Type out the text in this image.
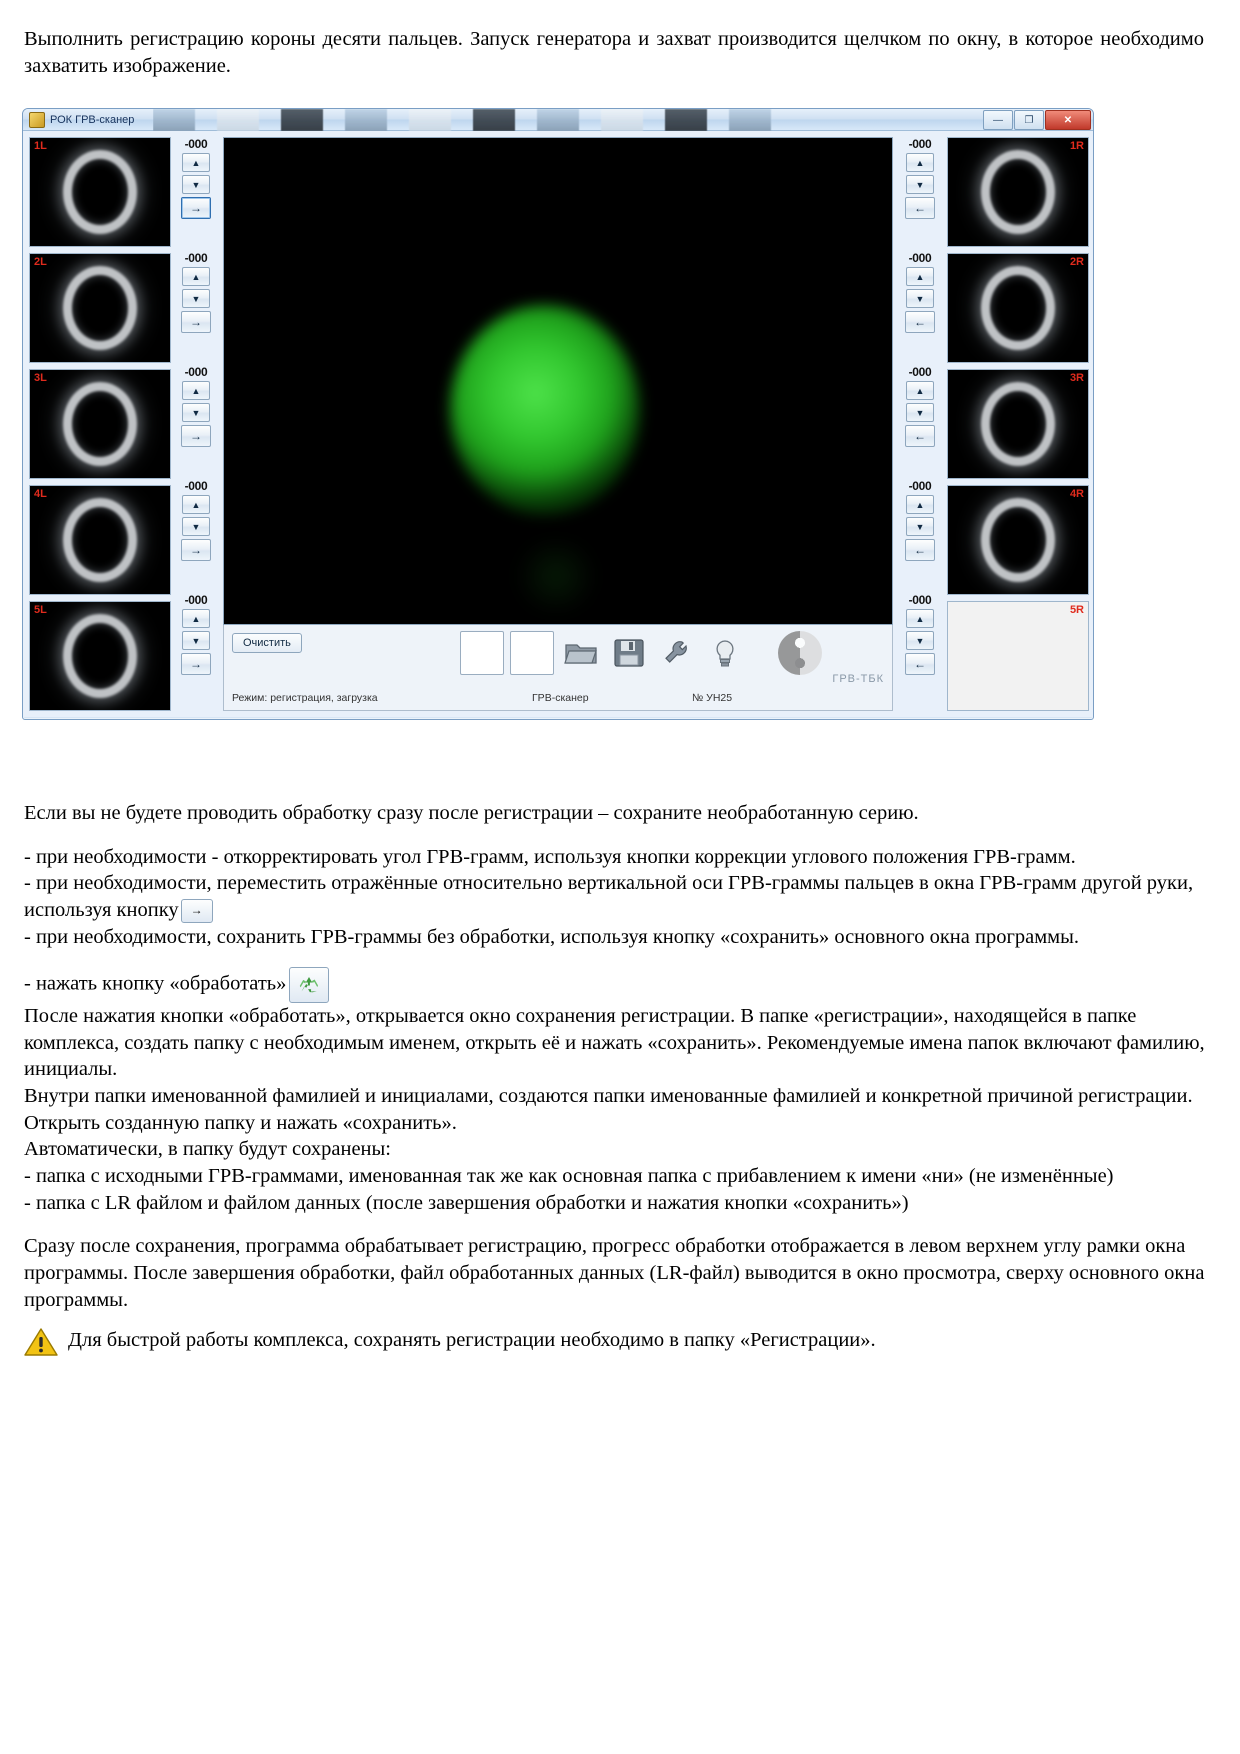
Выполнить регистрацию короны десяти пальцев. Запуск генератора и захват производится щелчком по окну, в которое необходимо захватить изображение.
РОК ГРВ-сканер	—	❐	✕
1L
2L
3L
4L
5L
-000
▲
▼
→
-000
▲
▼
→
-000
▲
▼
→
-000
▲
▼
→
-000
▲
▼
→
Очистить
ГРВ-ТБК
Режим: регистрация, загрузка	ГРВ-сканер	№ УН25
-000
▲
▼
←
-000
▲
▼
←
-000
▲
▼
←
-000
▲
▼
←
-000
▲
▼
←
1R
2R
3R
4R
5R

Если вы не будете проводить обработку сразу после регистрации – сохраните необработанную серию.

- при необходимости - откорректировать угол ГРВ-грамм, используя кнопки коррекции углового положения ГРВ-грамм.

- при необходимости, переместить отражённые относительно вертикальной оси ГРВ-граммы пальцев в окна ГРВ-грамм другой руки, используя кнопку →

- при необходимости, сохранить ГРВ-граммы без обработки, используя кнопку «сохранить» основного окна программы.

- нажать кнопку «обработать»

После нажатия кнопки «обработать», открывается окно сохранения регистрации. В папке «регистрации», находящейся в папке комплекса, создать папку с необходимым именем, открыть её и нажать «сохранить». Рекомендуемые имена папок включают фамилию, инициалы.

Внутри папки именованной фамилией и инициалами, создаются папки именованные фамилией и конкретной причиной регистрации.

Открыть созданную папку и нажать «сохранить».

Автоматически, в папку будут сохранены:

- папка с исходными ГРВ-граммами, именованная так же как основная папка с прибавлением к имени «ни» (не изменённые)

- папка с LR файлом и файлом данных (после завершения обработки и нажатия кнопки «сохранить»)

Сразу после сохранения, программа обрабатывает регистрацию, прогресс обработки отображается в левом верхнем углу рамки окна программы. После завершения обработки, файл обработанных данных (LR-файл) выводится в окно просмотра, сверху основного окна программы.

Для быстрой работы комплекса, сохранять регистрации необходимо в папку «Регистрации».
